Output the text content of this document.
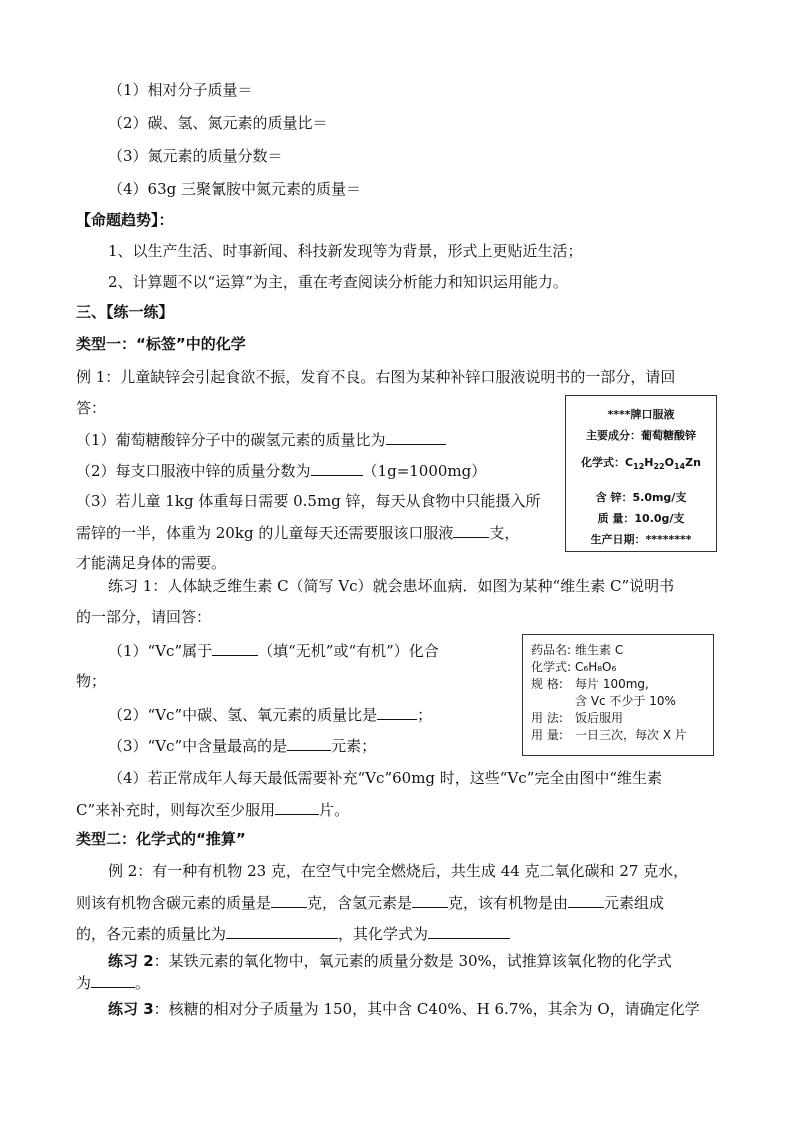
（1）相对分子质量＝
（2）碳、氢、氮元素的质量比＝
（3）氮元素的质量分数＝
（4）63g 三聚氰胺中氮元素的质量＝
【命题趋势】：
1、以生产生活、时事新闻、科技新发现等为背景，形式上更贴近生活；
2、计算题不以“运算”为主，重在考查阅读分析能力和知识运用能力。
三、【练一练】
类型一：“标签”中的化学
例 1：儿童缺锌会引起食欲不振，发育不良。右图为某种补锌口服液说明书的一部分，请回
答：
（1）葡萄糖酸锌分子中的碳氢元素的质量比为
（2）每支口服液中锌的质量分数为	（1g=1000mg）
（3）若儿童 1kg 体重每日需要 0.5mg 锌，每天从食物中只能摄入所
需锌的一半，体重为 20kg 的儿童每天还需要服该口服液 支，
才能满足身体的需要。
****牌口服液
主要成分：葡萄糖酸锌
化学式：$C_{12}H_{22}O_{14}Zn$
含 锌：5.0mg/支
质 量：10.0g/支
生产日期：********
练习 1：人体缺乏维生素 C（简写 Vc）就会患坏血病．如图为某种“维生素 C”说明书
的一部分，请回答：
（1）“Vc”属于	（填“无机”或“有机”）化合
物；
（2）“Vc”中碳、氢、氧元素的质量比是	；
（3）“Vc”中含量最高的是	元素；
（4）若正常成年人每天最低需要补充“Vc”60mg 时，这些“Vc”完全由图中“维生素
C”来补充时，则每次至少服用	片。
药品名: 维生素 C
化学式: C₆H₈O₆
规 格: 每片 100mg,
含 Vc 不少于 10%
用 法: 饭后服用
用 量: 一日三次，每次 X 片
类型二：化学式的“推算”
例 2：有一种有机物 23 克，在空气中完全燃烧后，共生成 44 克二氧化碳和 27 克水，
则该有机物含碳元素的质量是 克，含氢元素是 克，该有机物是由 元素组成
的，各元素的质量比为	，其化学式为
练习 2：某铁元素的氧化物中，氧元素的质量分数是 30%，试推算该氧化物的化学式
为	。
练习 3：核糖的相对分子质量为 150，其中含 C40%、H 6.7%，其余为 O，请确定化学
